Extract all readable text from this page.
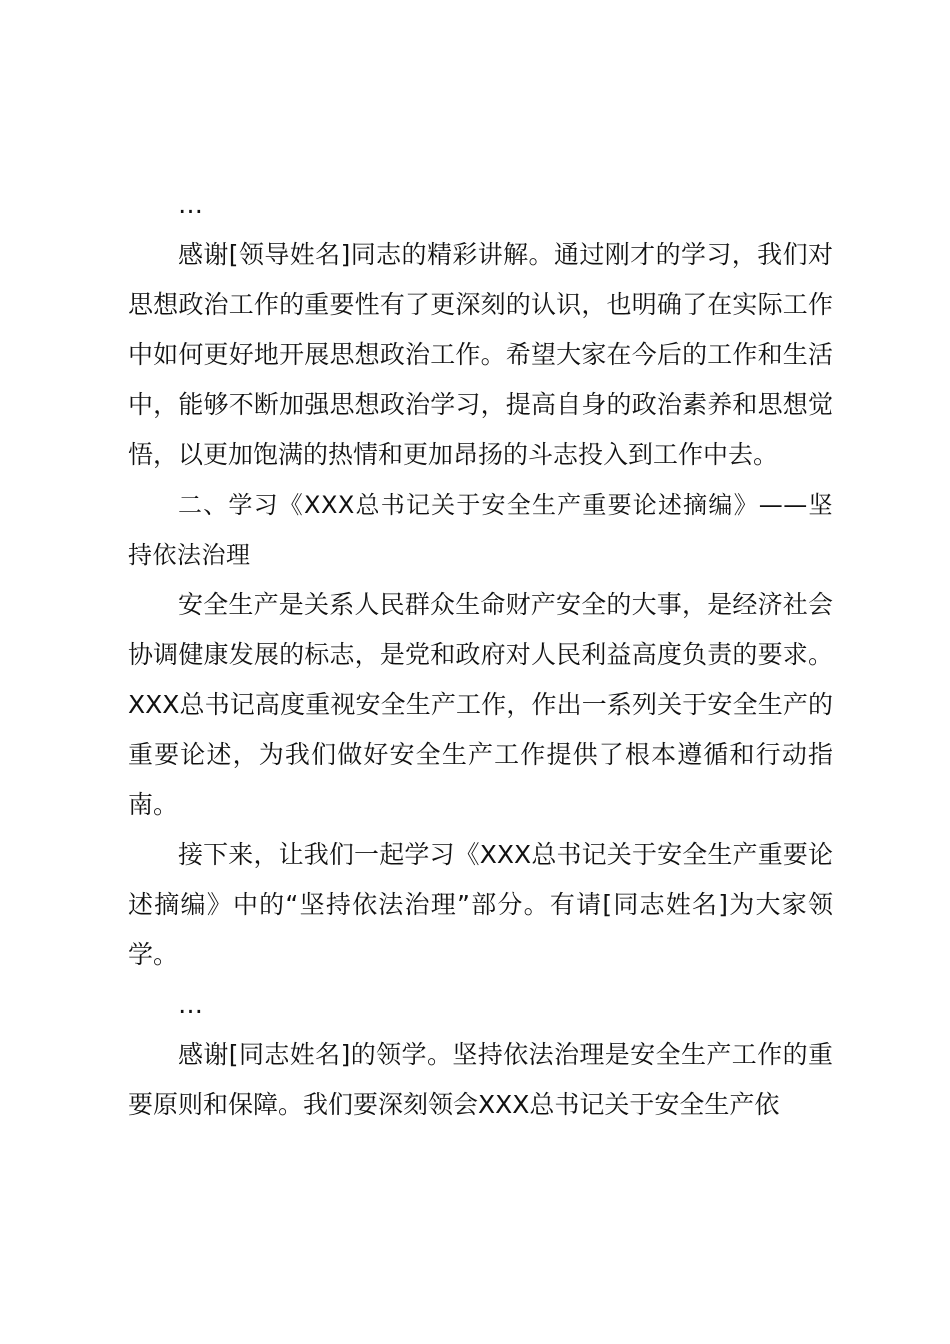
…

感谢[领导姓名]同志的精彩讲解。通过刚才的学习，我们对思想政治工作的重要性有了更深刻的认识，也明确了在实际工作中如何更好地开展思想政治工作。希望大家在今后的工作和生活中，能够不断加强思想政治学习，提高自身的政治素养和思想觉悟，以更加饱满的热情和更加昂扬的斗志投入到工作中去。

二、学习《XXX总书记关于安全生产重要论述摘编》——坚持依法治理

安全生产是关系人民群众生命财产安全的大事，是经济社会协调健康发展的标志，是党和政府对人民利益高度负责的要求。XXX总书记高度重视安全生产工作，作出一系列关于安全生产的重要论述，为我们做好安全生产工作提供了根本遵循和行动指南。

接下来，让我们一起学习《XXX总书记关于安全生产重要论述摘编》中的“坚持依法治理”部分。有请[同志姓名]为大家领学。

…

感谢[同志姓名]的领学。坚持依法治理是安全生产工作的重要原则和保障。我们要深刻领会XXX总书记关于安全生产依
